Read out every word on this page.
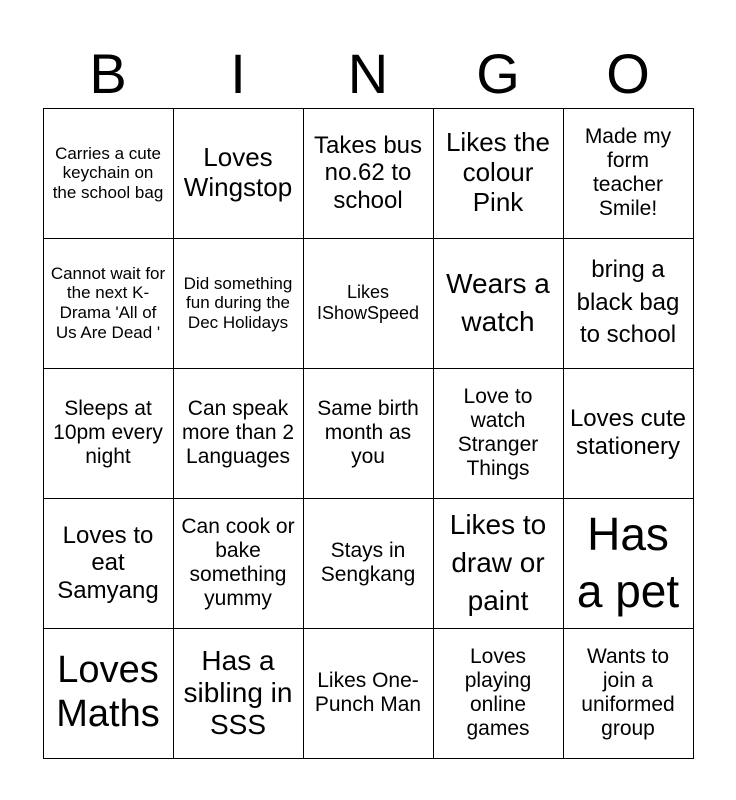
B	I	N	G	O
Carries a cute keychain on the school bag
Loves Wingstop
Takes bus no.62 to school
Likes the colour Pink
Made my form teacher Smile!
Cannot wait for the next K-Drama 'All of Us Are Dead '
Did something fun during the Dec Holidays
Likes IShowSpeed
Wears a watch
bring a black bag to school
Sleeps at 10pm every night
Can speak more than 2 Languages
Same birth month as you
Love to watch Stranger Things
Loves cute stationery
Loves to eat Samyang
Can cook or bake something yummy
Stays in Sengkang
Likes to draw or paint
Has a pet
Loves Maths
Has a sibling in SSS
Likes One-Punch Man
Loves playing online games
Wants to join a uniformed group
